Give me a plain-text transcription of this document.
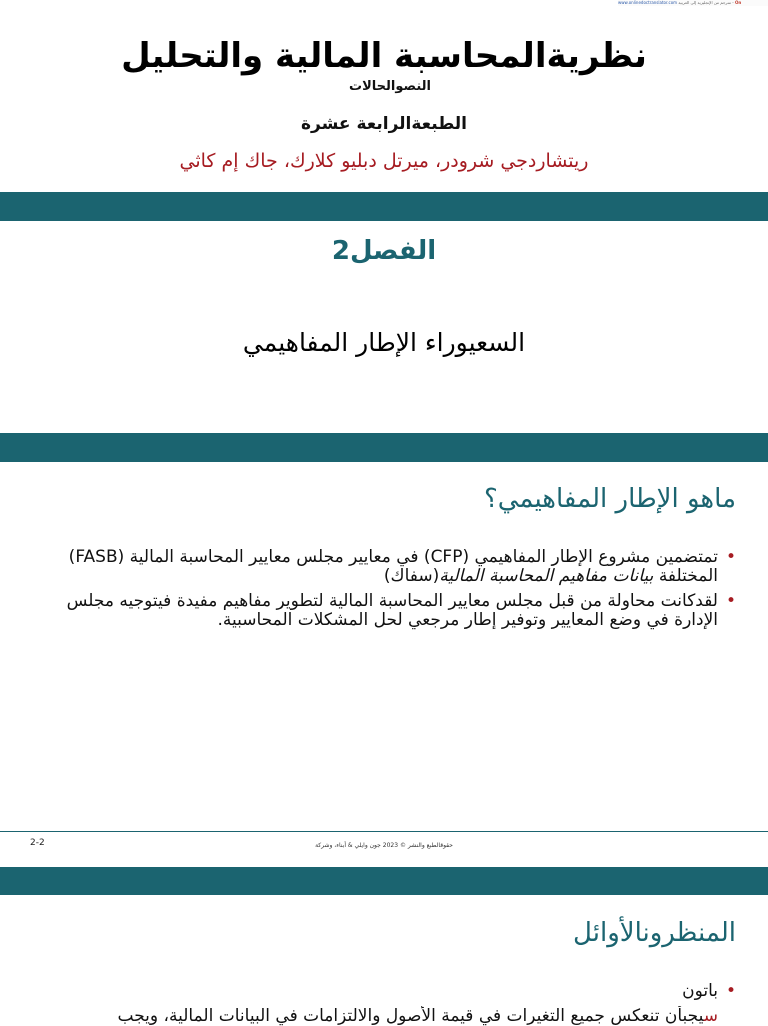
www.onlinedoctranslator.com مترجم من الإنجليزية إلى العربية - On
نظريةالمحاسبة المالية والتحليل
النصوالحالات
الطبعةالرابعة عشرة
ريتشاردجي شرودر، ميرتل دبليو كلارك، جاك إم كاثي
الفصل2
السعيوراء الإطار المفاهيمي
ماهو الإطار المفاهيمي؟
•
تمتضمين مشروع الإطار المفاهيمي (CFP) في معايير مجلس معايير المحاسبة المالية (FASB) المختلفة بيانات مفاهيم المحاسبة المالية(سفاك)
•
لقدكانت محاولة من قبل مجلس معايير المحاسبة المالية لتطوير مفاهيم مفيدة فيتوجيه مجلس الإدارة في وضع المعايير وتوفير إطار مرجعي لحل المشكلات المحاسبية.
2-2	حقوقالطبع والنشر © 2023 جون وايلي & أبناء، وشركة
المنظرونالأوائل
•
باتون
سيجبأن تنعكس جميع التغيرات في قيمة الأصول والالتزامات في البيانات المالية، ويجب
